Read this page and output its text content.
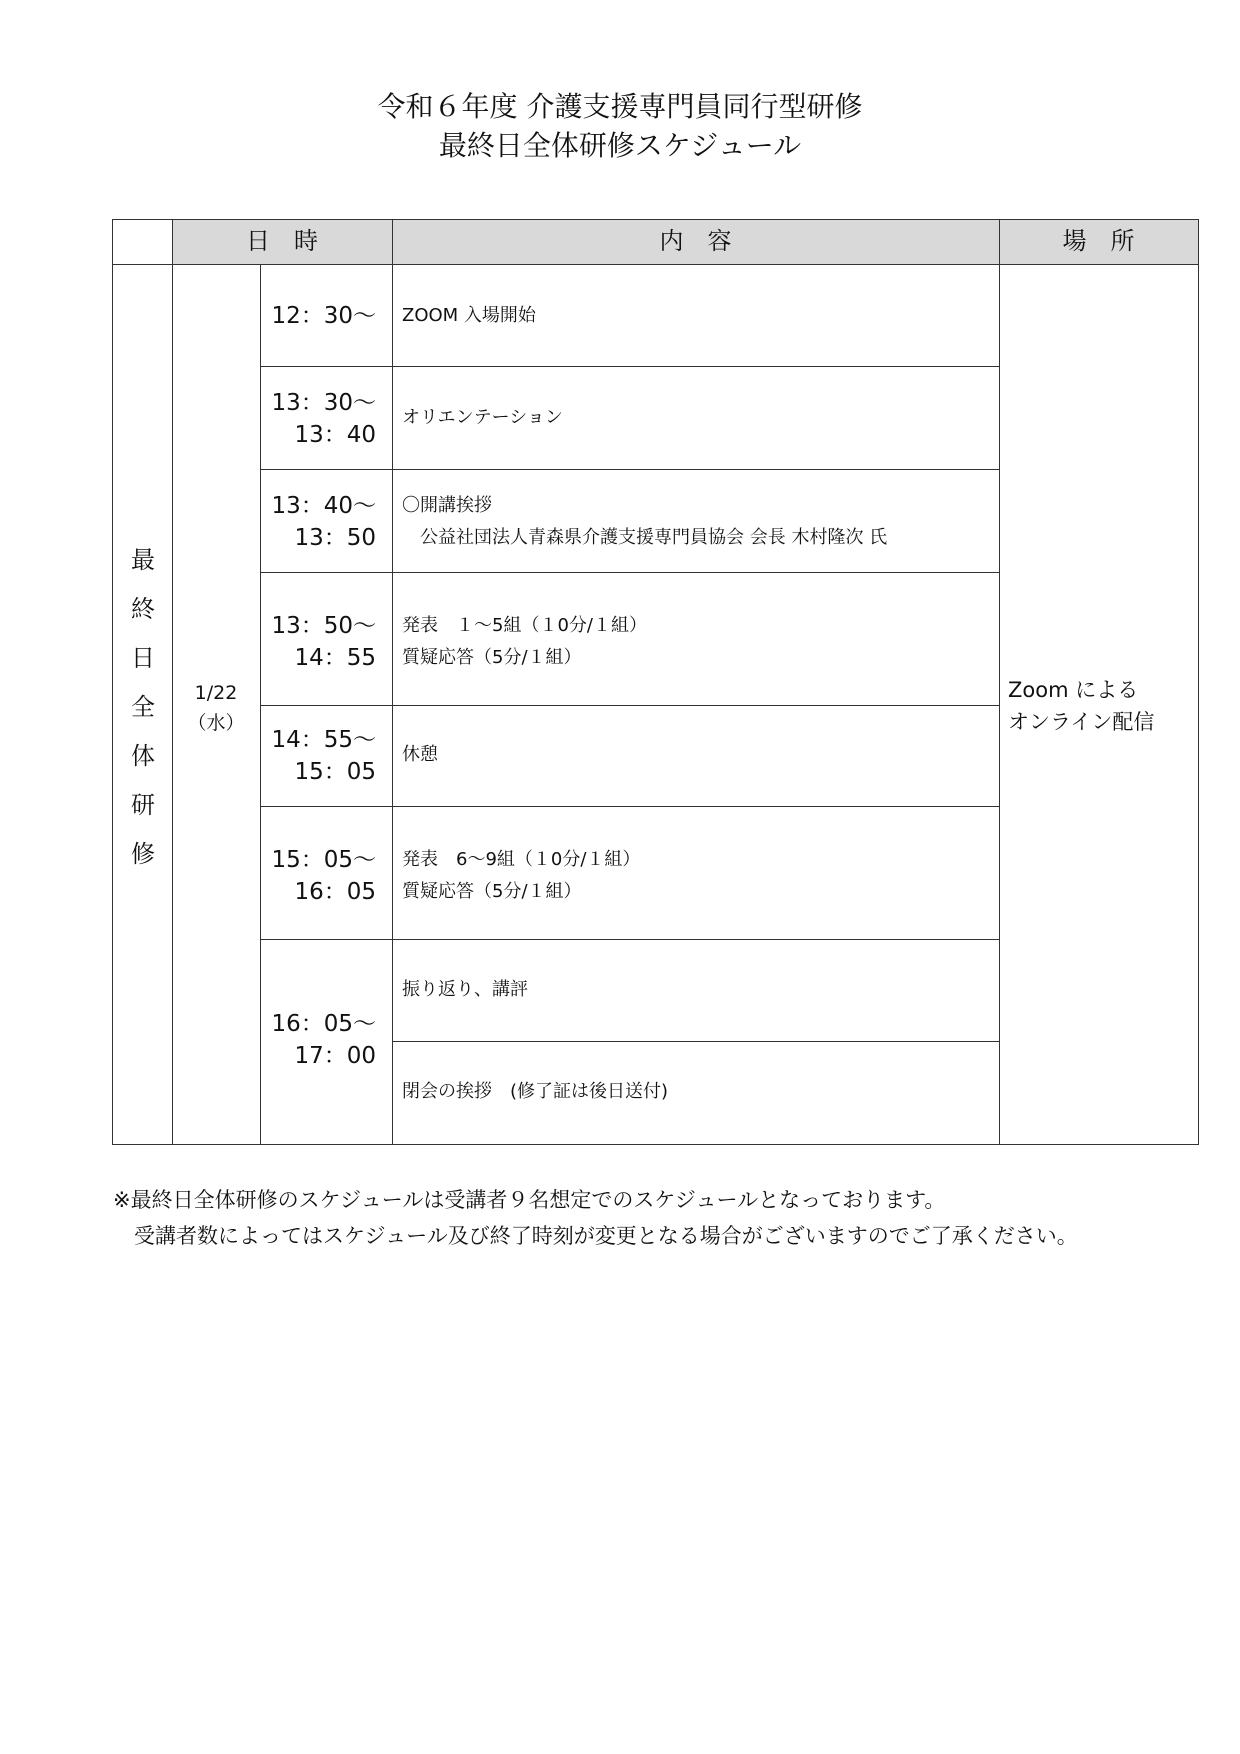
令和６年度 介護支援専門員同行型研修
最終日全体研修スケジュール
日　時	内　容	場　所
最
終
日
全
体
研
修
1/22
（水）
12：30～
13：30～
13：40
13：40～
13：50
13：50～
14：55
14：55～
15：05
15：05～
16：05
16：05～
17：00
ZOOM 入場開始
オリエンテーション
〇開講挨拶
　公益社団法人青森県介護支援専門員協会 会長 木村隆次 氏
発表　１～5組（１0分/１組）
質疑応答（5分/１組）
休憩
発表　6～9組（１0分/１組）
質疑応答（5分/１組）
振り返り、講評
閉会の挨拶　(修了証は後日送付)
Zoom による
オンライン配信
※最終日全体研修のスケジュールは受講者９名想定でのスケジュールとなっております。
　受講者数によってはスケジュール及び終了時刻が変更となる場合がございますのでご了承ください。
